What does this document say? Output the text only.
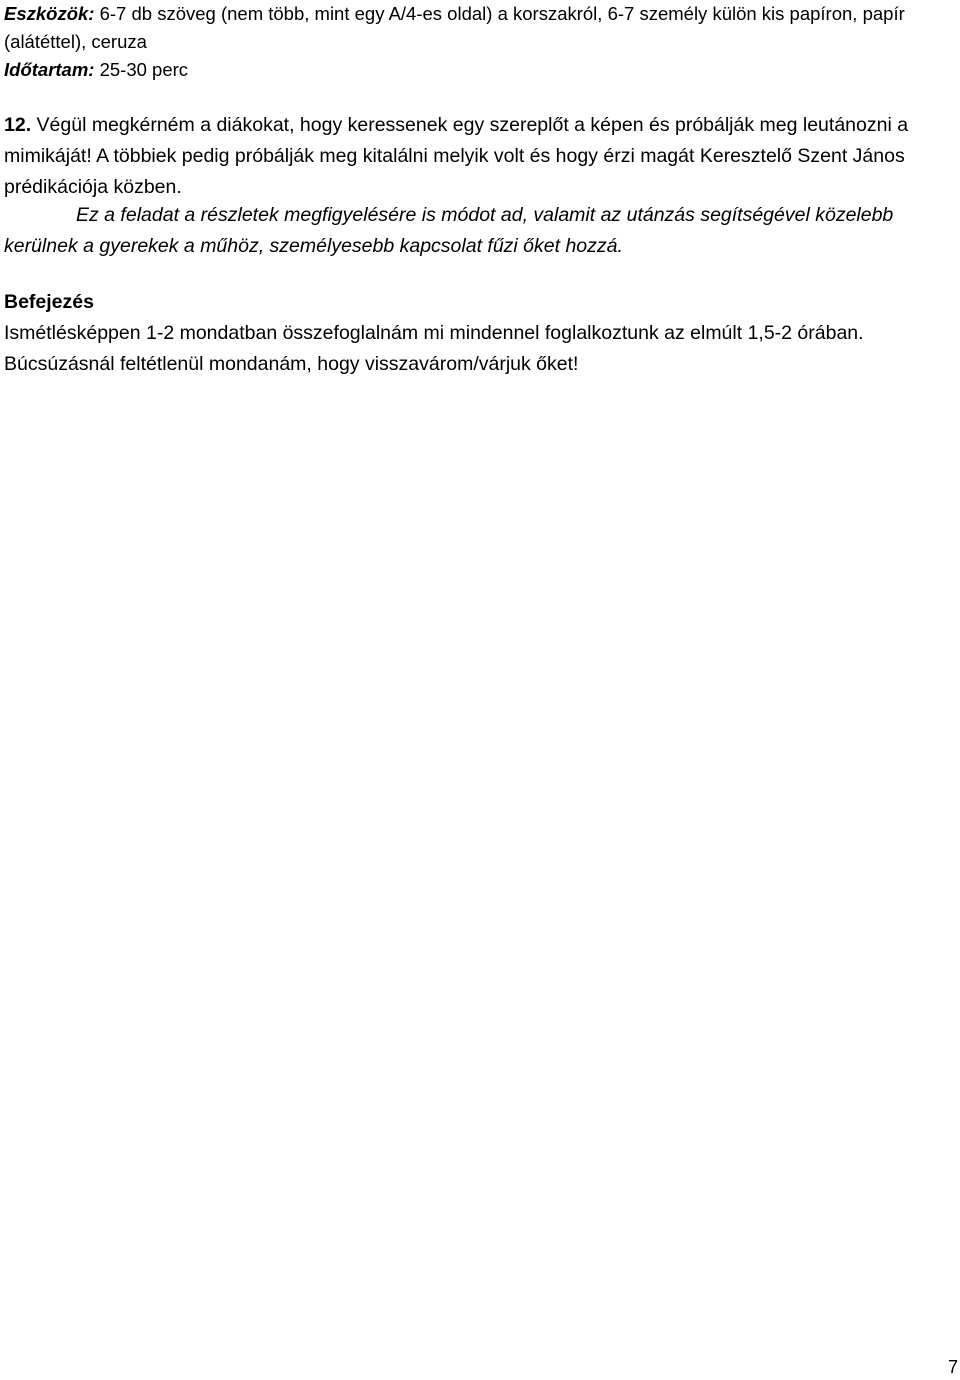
Eszközök: 6-7 db szöveg (nem több, mint egy A/4-es oldal) a korszakról, 6-7 személy külön kis papíron, papír (alátéttel), ceruza

Időtartam: 25-30 perc

12. Végül megkérném a diákokat, hogy keressenek egy szereplőt a képen és próbálják meg leutánozni a mimikáját! A többiek pedig próbálják meg kitalálni melyik volt és hogy érzi magát Keresztelő Szent János prédikációja közben.

Ez a feladat a részletek megfigyelésére is módot ad, valamit az utánzás segítségével közelebb kerülnek a gyerekek a műhöz, személyesebb kapcsolat fűzi őket hozzá.

Befejezés

Ismétlésképpen 1-2 mondatban összefoglalnám mi mindennel foglalkoztunk az elmúlt 1,5-2 órában. Búcsúzásnál feltétlenül mondanám, hogy visszavárom/várjuk őket!

7
